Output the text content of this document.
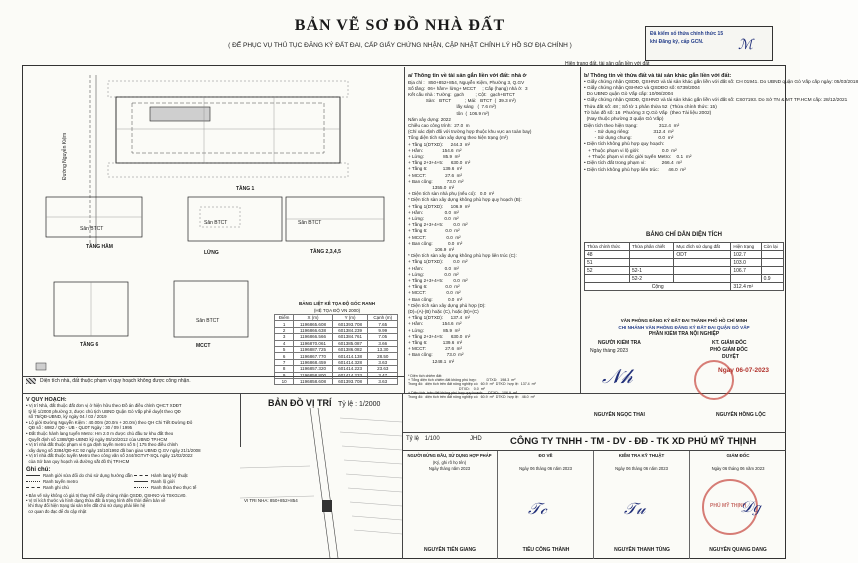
BẢN VẼ SƠ ĐỒ NHÀ ĐẤT
( ĐỂ PHỤC VỤ THỦ TỤC ĐĂNG KÝ ĐẤT ĐAI, CẤP GIẤY CHỨNG NHẬN, CẬP NHẬT CHỈNH LÝ HỒ SƠ ĐỊA CHÍNH )
Đã kiểm số thửa chính thức 15
khi Đăng ký, cấp GCN. ℳ
Hiện trạng đất, tài sản gắn liền với đất
TẦNG 1
TẦNG HẦM
LỬNG	TẦNG 2,3,4,5
TẦNG 6	MCCT
Sân BTCT
Sân BTCT	Sân BTCT
Sân BTCT
Đường Nguyễn Kiệm
BẢNG LIỆT KÊ TỌA ĐỘ GÓC RANH
(HỆ TỌA ĐỘ VN 2000)
Điểm	X (m)	Y (m)	Cạnh (m)
1	1196865.608	601393.708	7.65
2	1196866.638	601384.239	9.99
3	1196866.566	601384.761	7.05
4	1196870.061	601385.087	3.66
5	1196887.725	601386.082	13.30
6	1196867.770	601414.138	28.50
7	1196868.459	601414.328	3.63
8	1196857.320	601414.223	23.63
9	1196858.800	601414.233	3.47
10	1196858.608	601393.708	3.63
a/ Thông tin về tài sản gắn liền với đất: nhà ở
Địa chỉ :   850+852+854, Nguyễn Kiệm, Phường 3, Q.GV
Số tầng:  06+ hầm+ lửng+ MCCT     ; Cấp (hạng) nhà ở:  3
Kết cấu nhà : Tường:  gạch         ; Cột:   gạch+BTCT
Sàn:   BTCT           ; Mái:   BTCT  (  39.3 m²)
lấy sáng   (  7.6 m²)
tôn  (  106.9 m²)
Năm xây dựng: 2022
Chiều cao công trình:  27.0  m
(Chỉ xác định đối với trường hợp thuộc khu vực an toàn bay)
Tổng diện tích sàn xây dựng theo hiện trạng (m²)
+ Tầng 1(DTXD):      244.3  m²
+ Hầm:               154.6  m²
+ Lửng:               85.9  m²
+ Tầng 2+3+4+5:      630.0  m²
+ Tầng 6:            139.6  m²
+ MCCT:               27.6  m²
+ Ban công:           73.0  m²
1355.0  m²
+ Diện tích sàn nhà phụ (nếu có):   0.0  m²
* Diện tích sàn xây dựng không phù hợp quy hoạch (B):
+ Tầng 1(DTXD):      106.9  m²
+ Hầm:                 0.0  m²
+ Lửng:                0.0  m²
+ Tầng 2+3+4+5:        0.0  m²
+ Tầng 6:              0.0  m²
+ MCCT:                0.0  m²
+ Ban công:            0.0  m²
106.9  m²
* Diện tích sàn xây dựng không phù hợp liên trúc (C):
+ Tầng 1(DTXD):        0.0  m²
+ Hầm:                 0.0  m²
+ Lửng:                0.0  m²
+ Tầng 2+3+4+5:        0.0  m²
+ Tầng 6:              0.0  m²
+ MCCT:                0.0  m²
+ Ban công:            0.0  m²
* Diện tích sàn xây dựng phù hợp (D):
(D)=(A)-(B) hoặc (C), hoặc (B)+(C)
+ Tầng 1(DTXD):      137.4  m²
+ Hầm:               154.6  m²
+ Lửng:               85.9  m²
+ Tầng 2+3+4+5:      630.0  m²
+ Tầng 6:            139.6  m²
+ MCCT:               27.6  m²
+ Ban công:           73.0  m²
1248.1  m²
* Diện tích chiếm đất:
+ Tổng diện tích chiếm đất không phù hợp:          DTXD:   198.3  m²
Trong đó:  diện tích trên đất nông nghiệp có   60.9  m²  DTKD  hợp lệ:  137.4  m²
DTXD:    0.0  m²
+ Diện tích  trên đất không phù hợp quy hoạch:     DTXD:   106.9  m²
Trong đó:  diện tích trên đất nông nghiệp có   60.9  m²  DTKD  hợp lệ:   46.0  m²
b/ Thông tin về thửa đất và tài sản khác gắn liền với đất:
• Giấy chứng nhận QSDĐ, QSHNO và tài sản khác gắn liền với đất số: CH 01941. Do UBND quận Gò Vấp cấp ngày: 05/03/2018
• Giấy chứng nhận QSHNO và QSDĐO số: 6739/2004
Do UBND quận Gò Vấp cấp: 10/06/2004
• Giấy chứng nhận QSDĐ, QSHNO và tài sản khác gắn liền với đất số: CS07193. Do Sở TN & MT TP.HCM cấp: 28/12/2021
Thửa đất số: 48 ; Số tờ 1 phân thửa 52  (Thửa chính thức: 15)
Tờ bản đồ số: 16  Phường 3 Q.Gò Vấp  (theo Tài liệu 2002)
(Nay thuộc phường 3 quận Gò Vấp)
Diện tích theo hiện trạng:                312.4  m²
- Sử dụng riêng:                  312.4  m²
- Sử dụng chung:                    0.0  m²
• Diện tích không phù hợp quy hoạch:
+ Thuộc phạm vi lộ giới:                 0.0  m²
+ Thuộc phạm vi mốc giới tuyến Metro:    0.1  m²
• Diện tích đất trong phạm vi:            266.4  m²
• Diện tích không phù hợp liên trúc:       46.0  m²
BẢNG CHỈ DẪN DIỆN TÍCH
Thửa chính thức	Thửa phân chiết	Mục đích sử dụng đất	Hiện trạng	Còn lại
48		ODT	102.7	
51			103.0	
52	52-1		106.7	
	52-2			0.9
Cộng			312.4 m²	
VĂN PHÒNG ĐĂNG KÝ ĐẤT ĐAI THÀNH PHỐ HỒ CHÍ MINH
CHI NHÁNH VĂN PHÒNG ĐĂNG KÝ ĐẤT ĐAI QUẬN GÒ VẤP
PHẦN KIỂM TRA NỘI NGHIỆP
NGƯỜI KIỂM TRA
Ngày tháng 2023
KT. GIÁM ĐỐC
PHÓ GIÁM ĐỐC
DUYỆT
𝒩𝒽	Ngày 06-07-2023
NGUYỄN NGỌC THAI	NGUYỄN HỒNG LỘC
BẢN ĐỒ VỊ TRÍ Tỷ lệ : 1/2000
VI TRI NHA: 850+852+854
Diện tích nhà, đất thuộc phạm vi quy hoạch không được công nhận.
V QUY HOẠCH:
• Vị trí Nhà, đất thuộc đất đơn vị ở hiện hữu theo Đồ án điều chỉnh QHCT XDĐT
tỷ lệ 1/2000 phường 3, được chủ tịch UBND Quận Gò Vấp phê duyệt theo QĐ
số 75/QĐ-UBND, ký ngày 04 / 03 / 2019
• Lộ giới Đường Nguyễn Kiệm : 40.00m (20.0m + 20.0m) theo QH Chi Tiết Đường Đô
QĐ số : 6982 / QĐ - UB - QLĐT Ngày : 30 / 09 / 1995
• Đất thuộc hành lang tuyến Metro: Hm 2.0 m được chủ đầu tư khu đất theo
Quyết định số 1388/QĐ-UBND ký ngày 05/10/2012 của UBND TP.HCM
• Vị trí nhà đất thuộc phạm vi 6 ga định tuyến metro số 5 ( 175 theo điều chỉnh
xây dựng số 3384/QĐ-KC 92 ngày 15/10/1992 đã ban giao UBND Q.GV ngày 21/1/2008
• Vị trí nhà đất thuộc tuyến Metro theo công văn số 244/SGTVT-SQL ngày 11/02/2022
của Sở ban quy hoạch và đường sắt đô thị TP.HCM
Ghi chú:
Ranh giới sửa đổi do chủ sử dụng hướng dẫn	Hành lang kỹ thuật
Ranh tuyến metro	Ranh lộ giới
Ranh ghi chú	Ranh thửa theo thực tế
• Bản vẽ này không có giá trị thay thế Giấy chứng nhận QSDĐ, QSHNO và TSKGLVĐ.
• Vị trí kích thước và hình dạng thửa đất là trọng hình đến thời điểm bản vẽ
khi thay đổi hiện trạng tài sản trên đất chủ sử dụng phải liên hệ
cơ quan đo đạc để đo cập nhật
Tỷ lệ 1/100	JHD	CÔNG TY TNHH - TM - DV - ĐĐ - TK XD PHÚ MỸ THỊNH
NGƯỜI ĐỨNG ĐẦU, SỬ DỤNG HỢP PHÁP
(Ký, ghi rõ họ tên)
Ngày tháng năm 2023
NGUYỄN TIẾN GIANG
ĐO VẼ
Ngày 06 tháng 06 năm 2023
𝒯𝒸
TIÊU CÔNG THÀNH
KIỂM TRA KỸ THUẬT
Ngày 06 tháng 06 năm 2023
𝒯𝓊
NGUYỄN THANH TÙNG
GIÁM ĐỐC
Ngày 06 tháng 06 năm 2023
PHÚ MỸ THỊNH
𝒟𝑔
NGUYỄN QUANG DANG
